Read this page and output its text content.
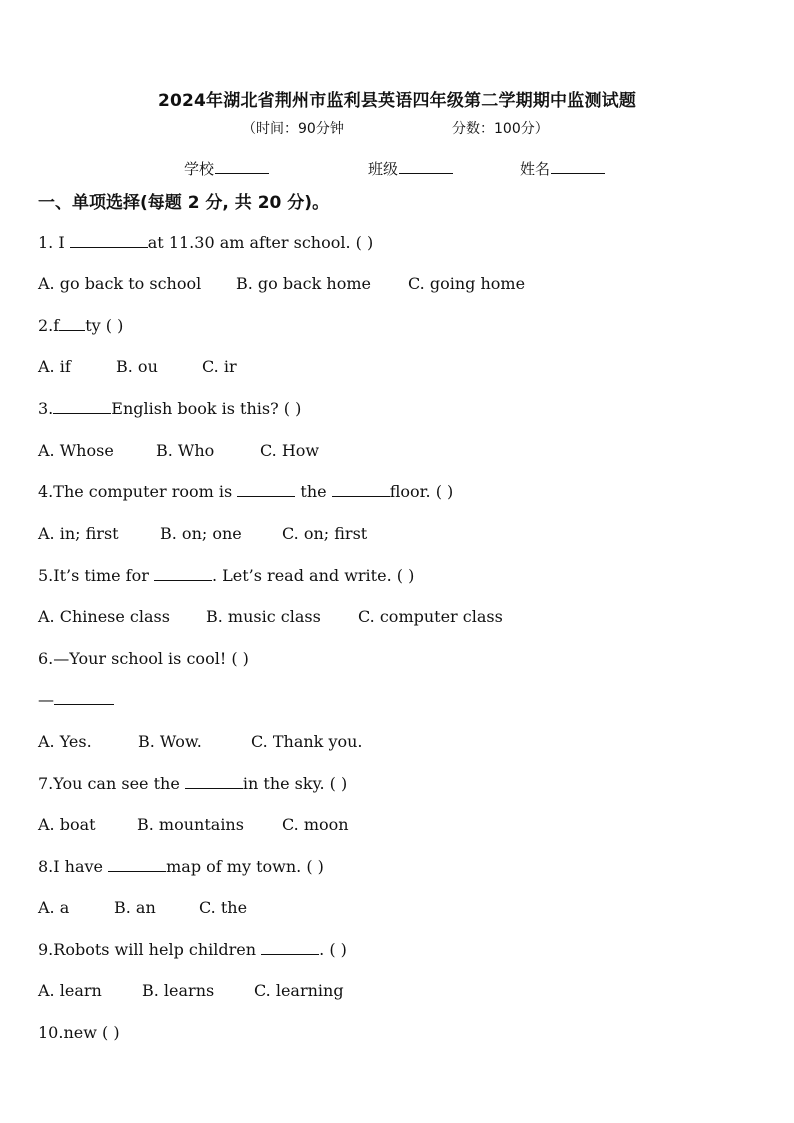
2024年湖北省荆州市监利县英语四年级第二学期期中监测试题
（时间：90分钟	分数：100分）
学校	班级	姓名
一、单项选择(每题 2 分, 共 20 分)。
1. I	at 11.30 am after school. ( )
A. go back to school B. go back home C. going home
2.f ty ( )
A. if	B. ou	C. ir
3.	English book is this? ( )
A. Whose	B. Who	C. How
4.The computer room is	the	floor. ( )
A. in; first	B. on; one	C. on; first
5.It’s time for	. Let’s read and write. ( )
A. Chinese class B. music class C. computer class
6.—Your school is cool! ( )
—
A. Yes.	B. Wow.	C. Thank you.
7.You can see the	in the sky. ( )
A. boat	B. mountains C. moon
8.I have	map of my town. ( )
A. a	B. an	C. the
9.Robots will help children	. ( )
A. learn	B. learns C. learning
10.new ( )
